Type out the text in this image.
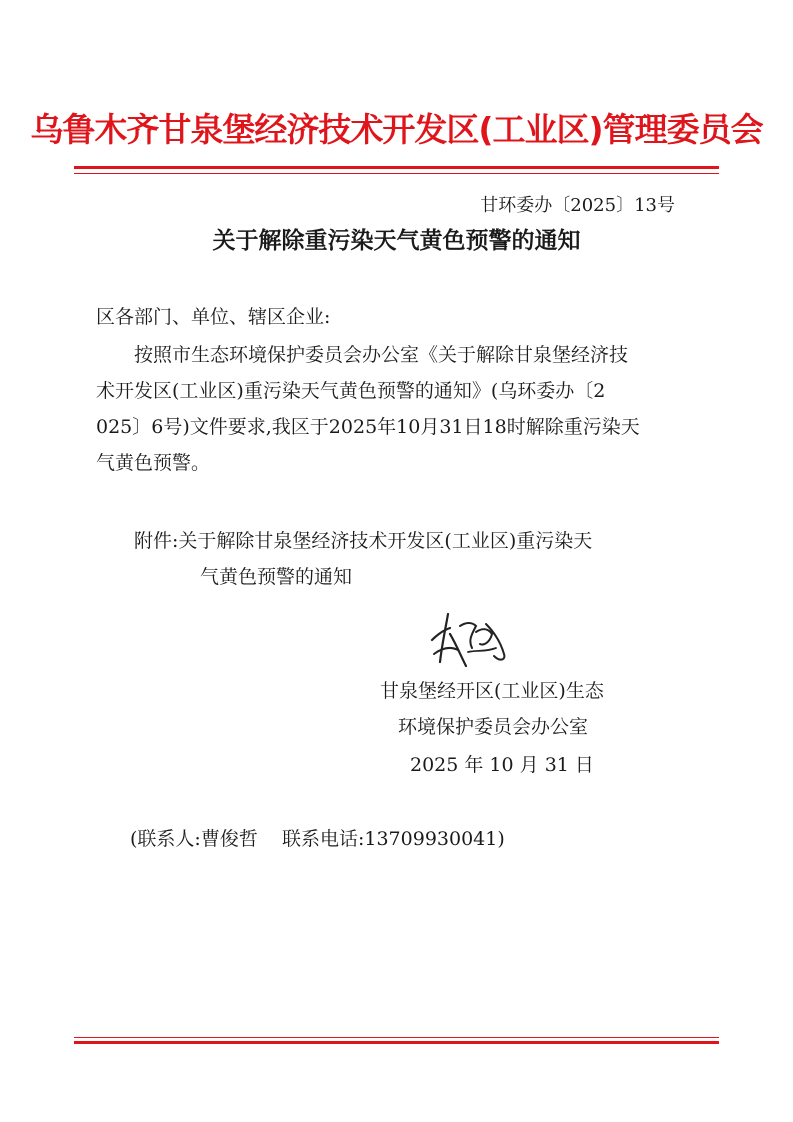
乌鲁木齐甘泉堡经济技术开发区(工业区)管理委员会
甘环委办〔2025〕13号
关于解除重污染天气黄色预警的通知
区各部门、单位、辖区企业:
按照市生态环境保护委员会办公室《关于解除甘泉堡经济技
术开发区(工业区)重污染天气黄色预警的通知》(乌环委办〔2
025〕6号)文件要求,我区于2025年10月31日18时解除重污染天
气黄色预警。
附件:关于解除甘泉堡经济技术开发区(工业区)重污染天
气黄色预警的通知
甘泉堡经开区(工业区)生态
环境保护委员会办公室
2025 年 10 月 31 日
(联系人:曹俊哲    联系电话:13709930041)
